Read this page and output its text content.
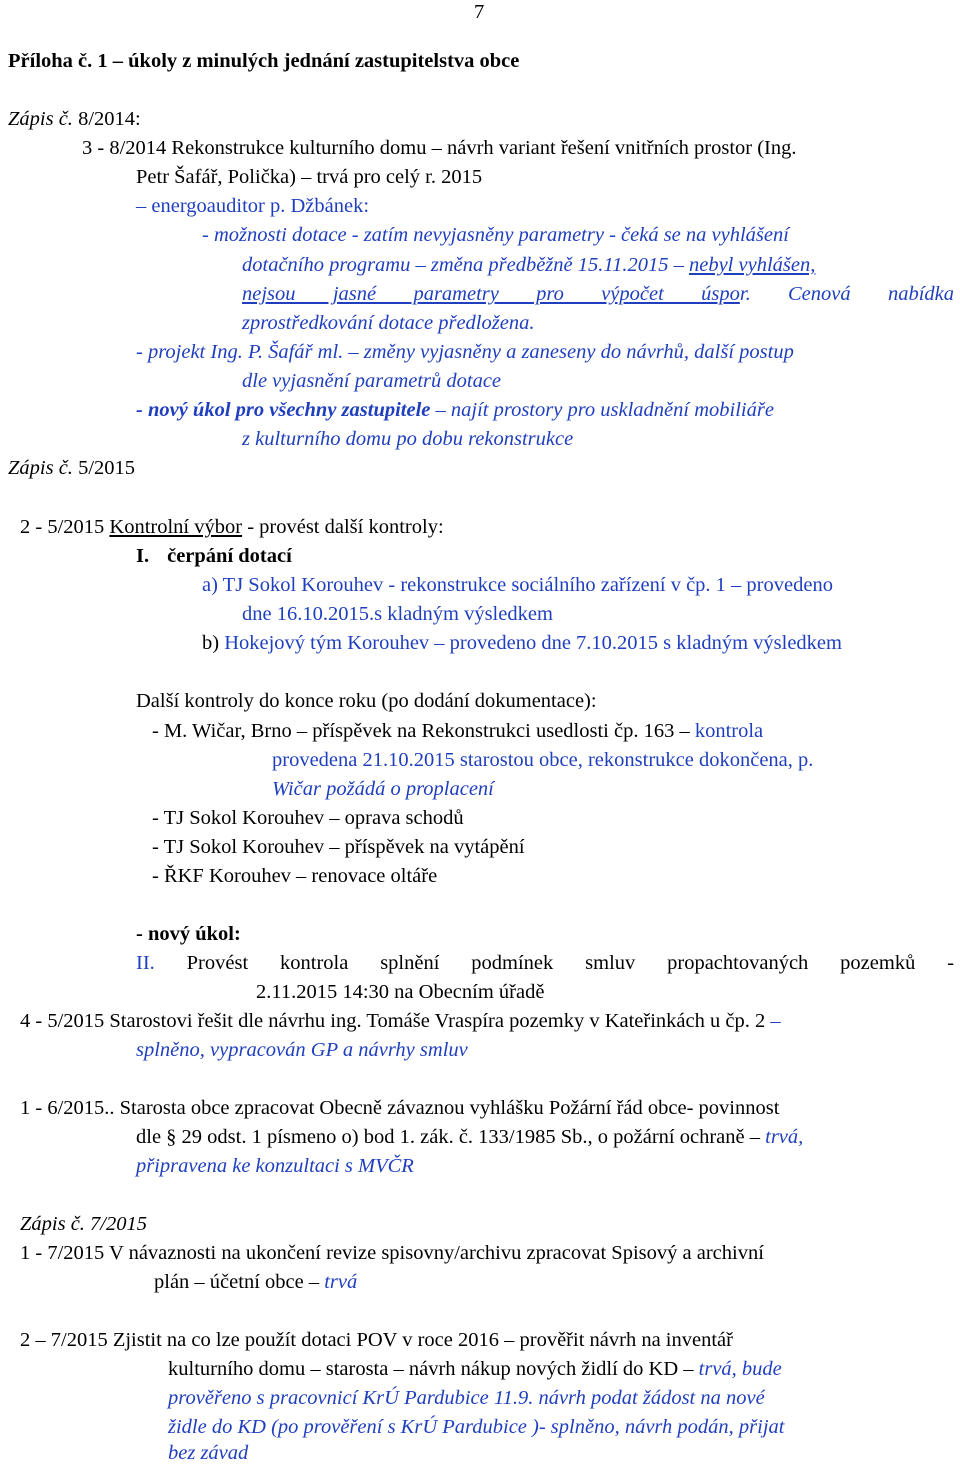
7
Příloha č. 1 – úkoly z minulých jednání zastupitelstva obce
Zápis č. 8/2014:
3 - 8/2014 Rekonstrukce kulturního domu – návrh variant řešení vnitřních prostor (Ing.
Petr Šafář, Polička) – trvá pro celý r. 2015
– energoauditor p. Džbánek:
- možnosti dotace - zatím nevyjasněny parametry - čeká se na vyhlášení
dotačního programu – změna předběžně 15.11.2015 – nebyl vyhlášen,
nejsou jasné parametry pro výpočet úspor. Cenová nabídka
zprostředkování dotace předložena.
- projekt Ing. P. Šafář ml. – změny vyjasněny a zaneseny do návrhů, další postup
dle vyjasnění parametrů dotace
- nový úkol pro všechny zastupitele – najít prostory pro uskladnění mobiliáře
z kulturního domu po dobu rekonstrukce
Zápis č. 5/2015
2 - 5/2015 Kontrolní výbor - provést další kontroly:
I. čerpání dotací
a) TJ Sokol Korouhev - rekonstrukce sociálního zařízení v čp. 1 – provedeno
dne 16.10.2015.s kladným výsledkem
b) Hokejový tým Korouhev – provedeno dne 7.10.2015 s kladným výsledkem
Další kontroly do konce roku (po dodání dokumentace):
- M. Wičar, Brno – příspěvek na Rekonstrukci usedlosti čp. 163 – kontrola
provedena 21.10.2015 starostou obce, rekonstrukce dokončena, p.
Wičar požádá o proplacení
- TJ Sokol Korouhev – oprava schodů
- TJ Sokol Korouhev – příspěvek na vytápění
- ŘKF Korouhev – renovace oltáře
- nový úkol:
II. Provést kontrola splnění podmínek smluv propachtovaných pozemků -
2.11.2015 14:30 na Obecním úřadě
4 - 5/2015 Starostovi řešit dle návrhu ing. Tomáše Vraspíra pozemky v Kateřinkách u čp. 2 –
splněno, vypracován GP a návrhy smluv
1 - 6/2015.. Starosta obce zpracovat Obecně závaznou vyhlášku Požární řád obce- povinnost
dle § 29 odst. 1 písmeno o) bod 1. zák. č. 133/1985 Sb., o požární ochraně – trvá,
připravena ke konzultaci s MVČR
Zápis č. 7/2015
1 - 7/2015 V návaznosti na ukončení revize spisovny/archivu zpracovat Spisový a archivní
plán – účetní obce – trvá
2 – 7/2015 Zjistit na co lze použít dotaci POV v roce 2016 – prověřit návrh na inventář
kulturního domu – starosta – návrh nákup nových židlí do KD – trvá, bude
prověřeno s pracovnicí KrÚ Pardubice 11.9. návrh podat žádost na nové
židle do KD (po prověření s KrÚ Pardubice )- splněno, návrh podán, přijat
bez závad
